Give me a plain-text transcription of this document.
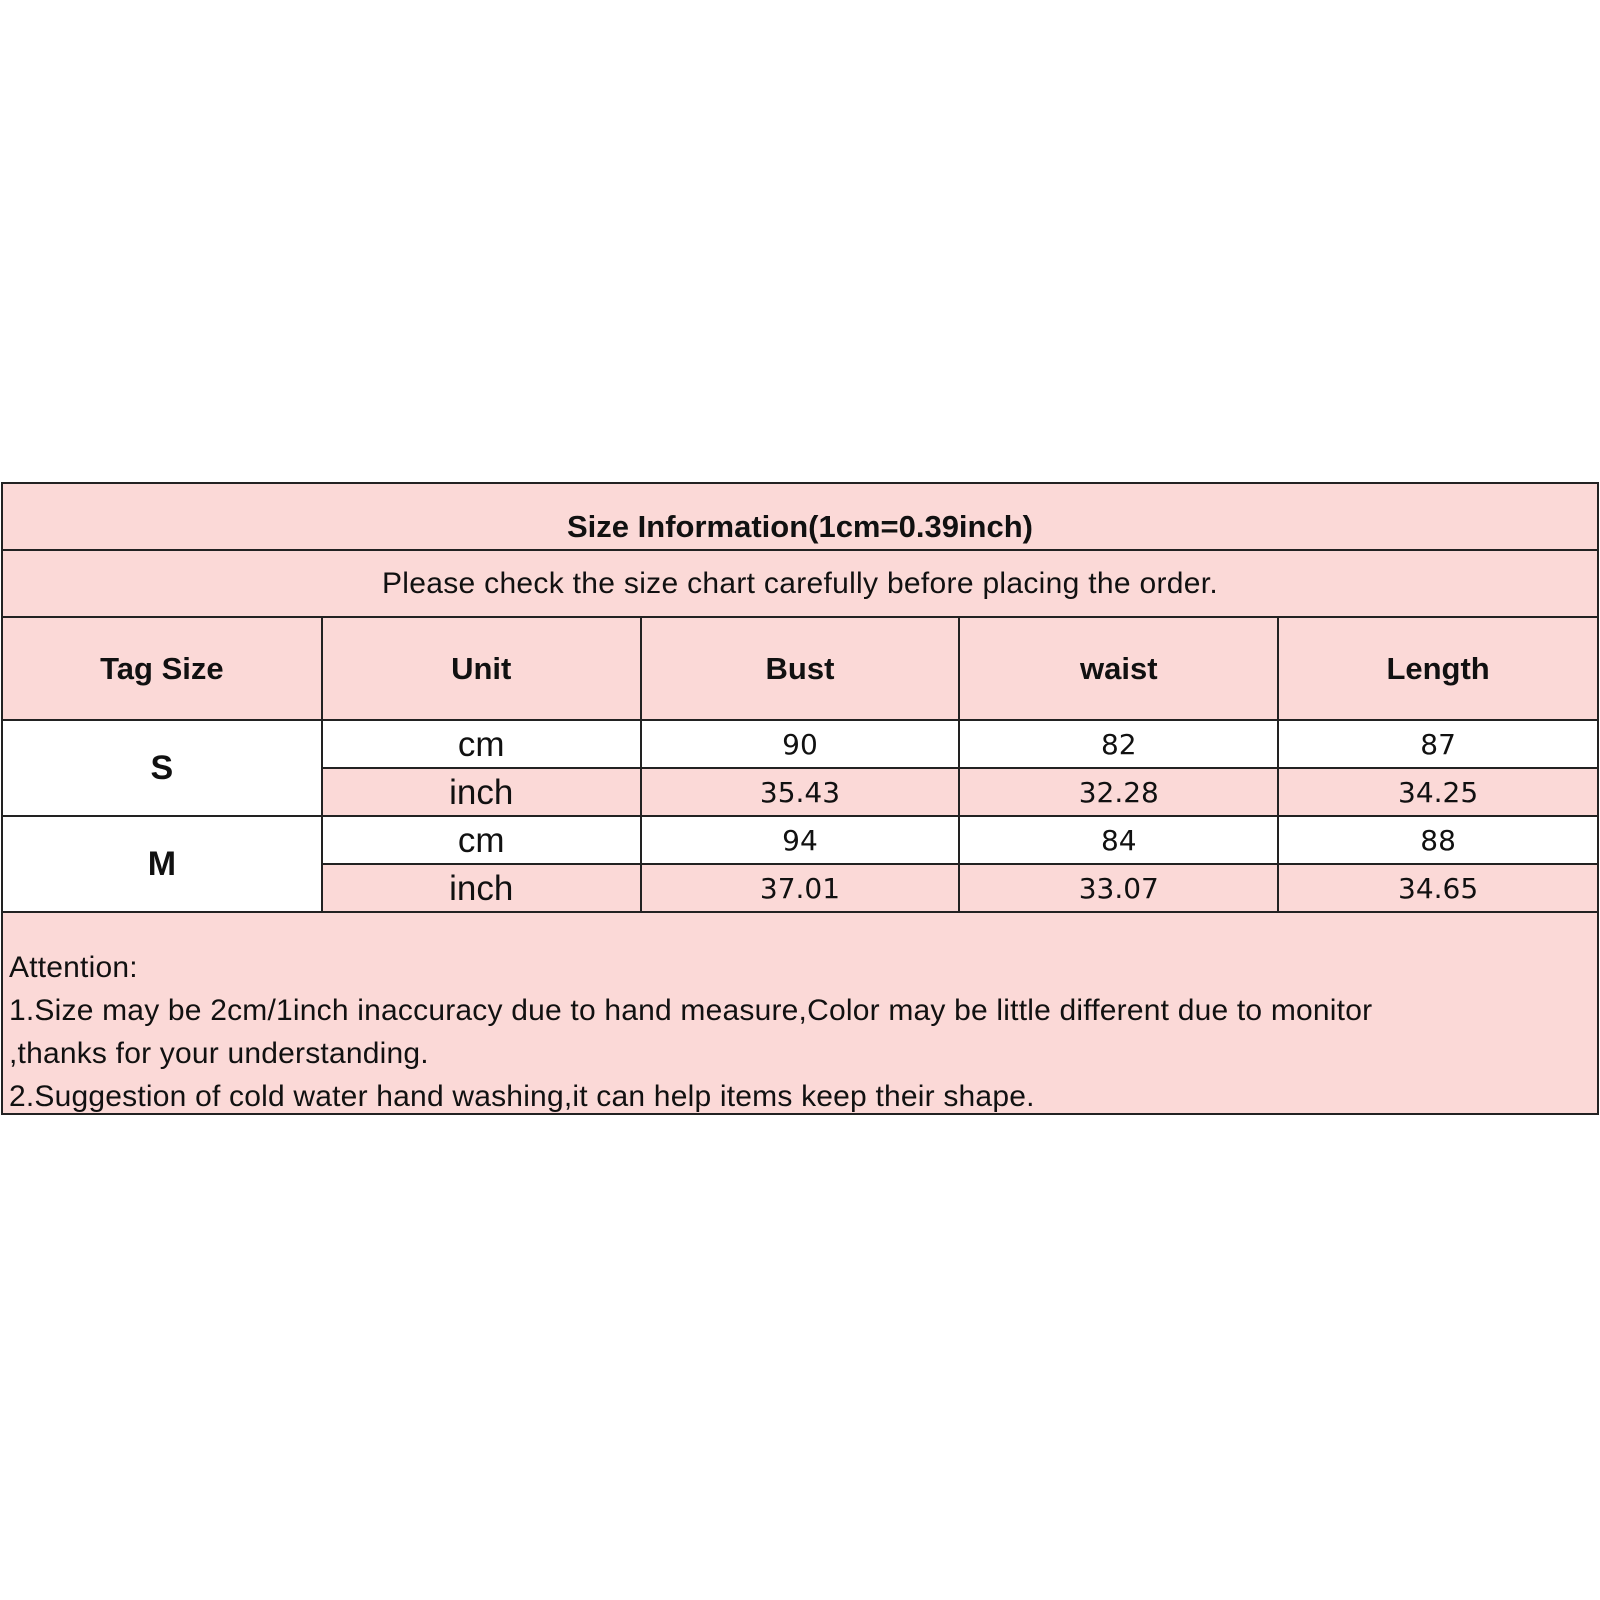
Size Information(1cm=0.39inch)
Please check the size chart carefully before placing the order.
Tag Size	Unit	Bust	waist	Length
S	cm	90	82	87
	inch	35.43	32.28	34.25
M	cm	94	84	88
	inch	37.01	33.07	34.65
Attention:
1.Size may be 2cm/1inch inaccuracy due to hand measure,Color may be little different due to monitor
,thanks for your understanding.
2.Suggestion of cold water hand washing,it can help items keep their shape.
